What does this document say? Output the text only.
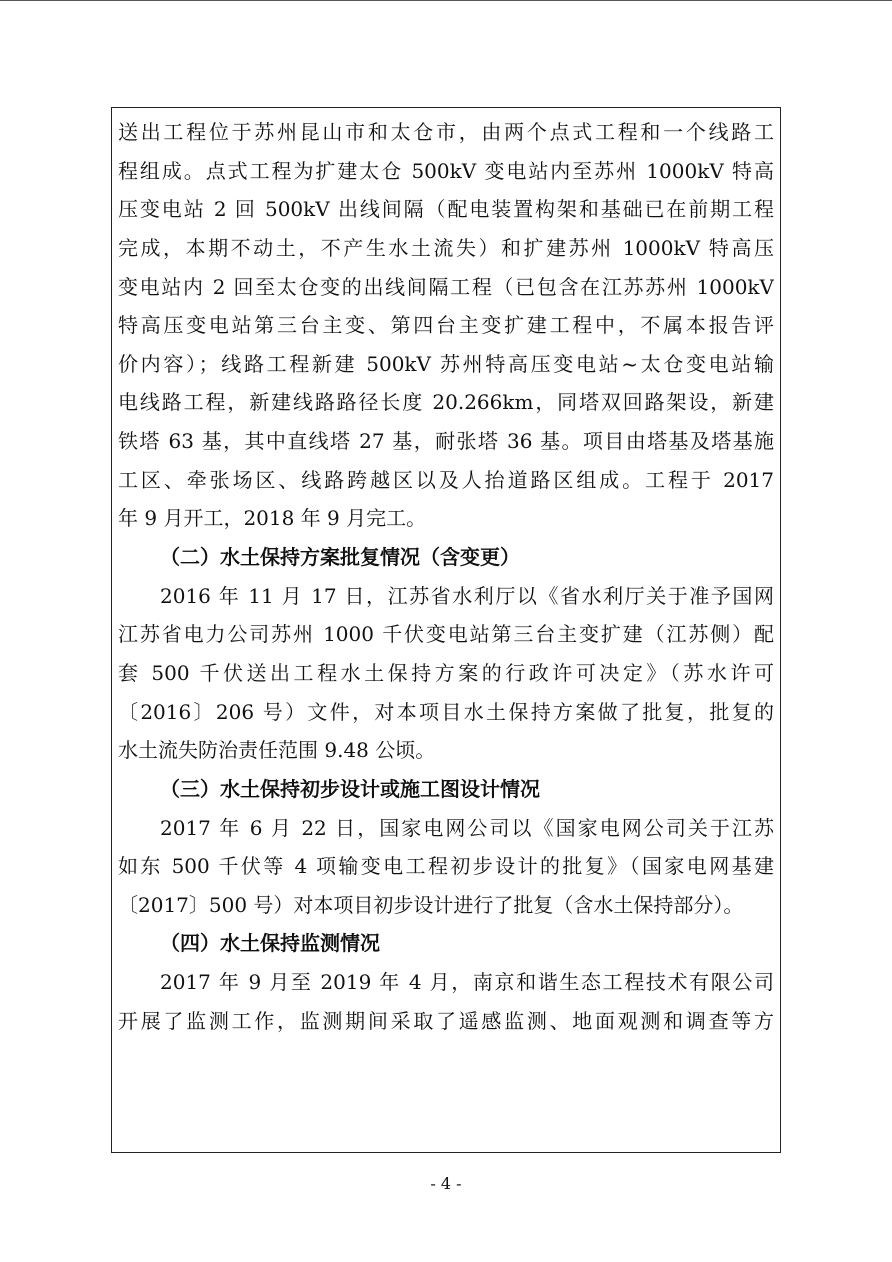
送出工程位于苏州昆山市和太仓市，由两个点式工程和一个线路工
程组成。点式工程为扩建太仓 500kV 变电站内至苏州 1000kV 特高
压变电站 2 回 500kV 出线间隔（配电装置构架和基础已在前期工程
完成，本期不动土，不产生水土流失）和扩建苏州 1000kV 特高压
变电站内 2 回至太仓变的出线间隔工程（已包含在江苏苏州 1000kV
特高压变电站第三台主变、第四台主变扩建工程中，不属本报告评
价内容）；线路工程新建 500kV 苏州特高压变电站~太仓变电站输
电线路工程，新建线路路径长度 20.266km，同塔双回路架设，新建
铁塔 63 基，其中直线塔 27 基，耐张塔 36 基。项目由塔基及塔基施
工区、牵张场区、线路跨越区以及人抬道路区组成。工程于 2017
年 9 月开工，2018 年 9 月完工。
（二）水土保持方案批复情况（含变更）
2016 年 11 月 17 日，江苏省水利厅以《省水利厅关于准予国网
江苏省电力公司苏州 1000 千伏变电站第三台主变扩建（江苏侧）配
套 500 千伏送出工程水土保持方案的行政许可决定》（苏水许可
〔2016〕206 号）文件，对本项目水土保持方案做了批复，批复的
水土流失防治责任范围 9.48 公顷。
（三）水土保持初步设计或施工图设计情况
2017 年 6 月 22 日，国家电网公司以《国家电网公司关于江苏
如东 500 千伏等 4 项输变电工程初步设计的批复》（国家电网基建
〔2017〕500 号）对本项目初步设计进行了批复（含水土保持部分）。
（四）水土保持监测情况
2017 年 9 月至 2019 年 4 月，南京和谐生态工程技术有限公司
开展了监测工作，监测期间采取了遥感监测、地面观测和调查等方
- 4 -
